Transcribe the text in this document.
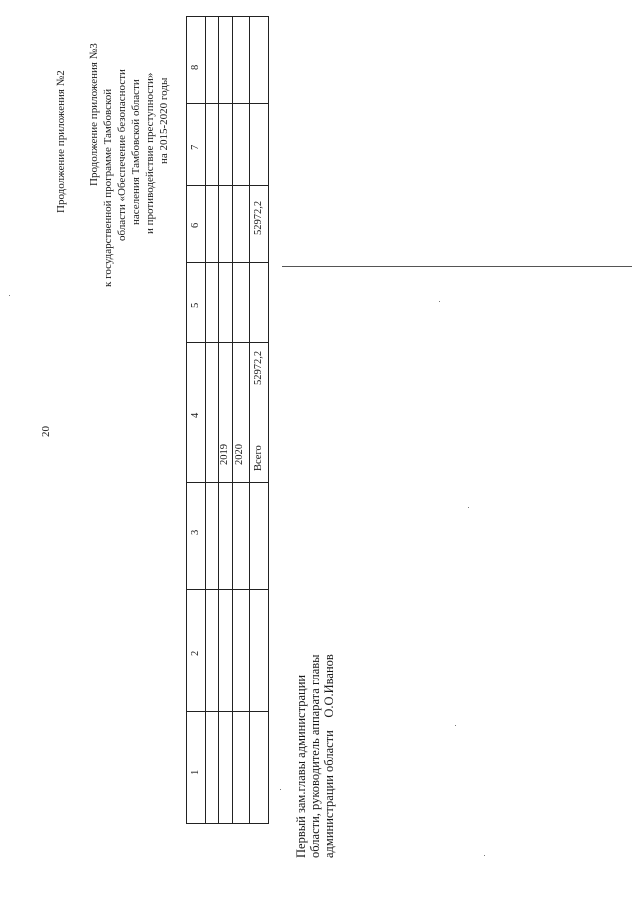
20
Продолжение приложения №2 Продолжение приложения №3 к государственной программе Тамбовской области «Обеспечение безопасности населения Тамбовской области и противодействие преступности» на 2015-2020 годы
8
7
6
5
4
3
2
1
2019 2020 Всего
52972,2
52972,2
Первый зам.главы администрации области, руководитель аппарата главы администрации области    О.О.Иванов
